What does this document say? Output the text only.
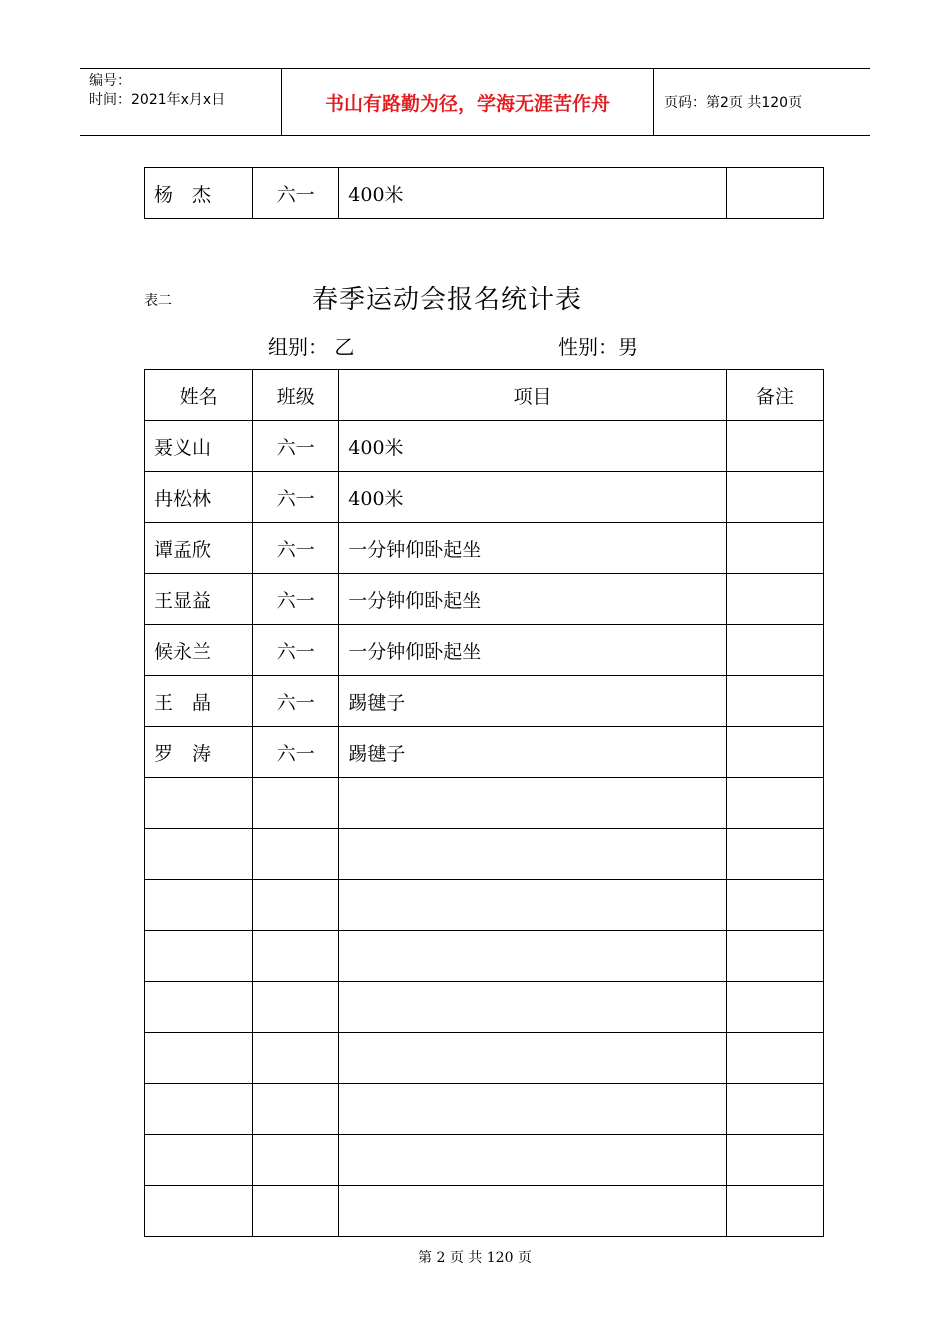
编号：
时间：2021年x月x日	书山有路勤为径，学海无涯苦作舟	页码：第2页 共120页
杨　杰	六一	400米	
表二	春季运动会报名统计表
组别： 乙	性别：男
姓名	班级	项目	备注
聂义山	六一	400米	
冉松林	六一	400米	
谭孟欣	六一	一分钟仰卧起坐	
王显益	六一	一分钟仰卧起坐	
候永兰	六一	一分钟仰卧起坐	
王　晶	六一	踢毽子	
罗　涛	六一	踢毽子	

第 2 页 共 120 页
